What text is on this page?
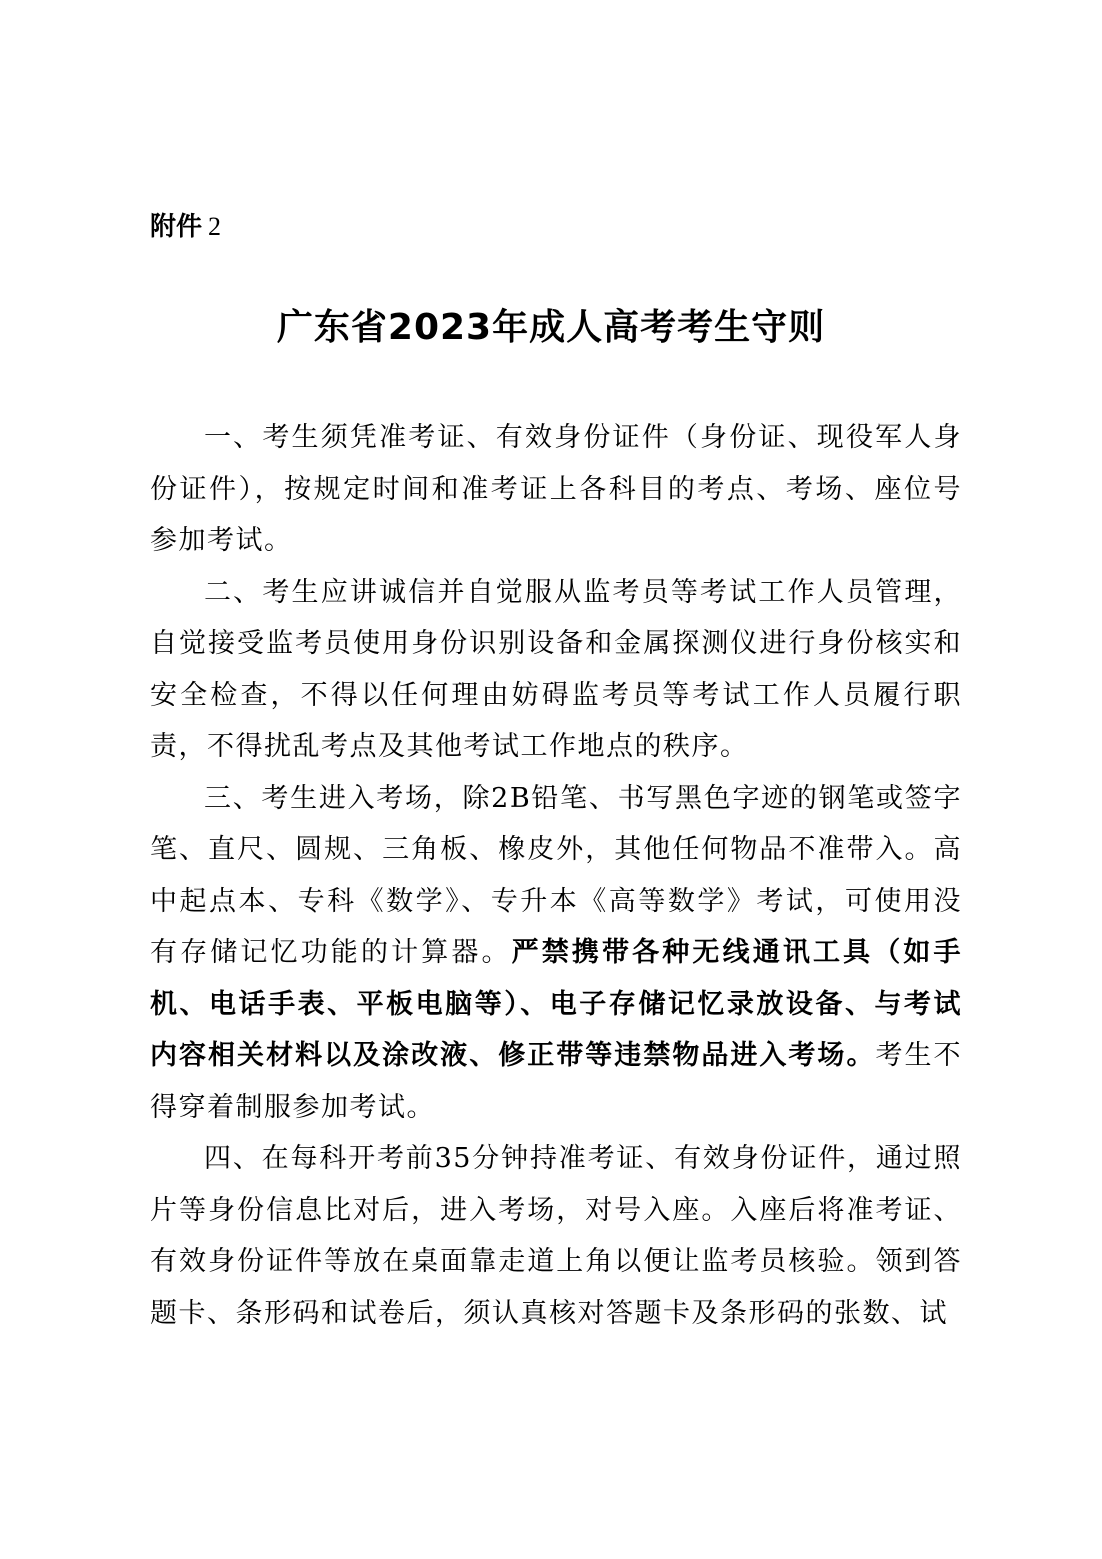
附件 2

广东省2023年成人高考考生守则

一、考生须凭准考证、有效身份证件（身份证、现役军人身份证件），按规定时间和准考证上各科目的考点、考场、座位号参加考试。

二、考生应讲诚信并自觉服从监考员等考试工作人员管理，自觉接受监考员使用身份识别设备和金属探测仪进行身份核实和安全检查，不得以任何理由妨碍监考员等考试工作人员履行职责，不得扰乱考点及其他考试工作地点的秩序。

三、考生进入考场，除2B铅笔、书写黑色字迹的钢笔或签字笔、直尺、圆规、三角板、橡皮外，其他任何物品不准带入。高中起点本、专科《数学》、专升本《高等数学》考试，可使用没有存储记忆功能的计算器。严禁携带各种无线通讯工具（如手机、电话手表、平板电脑等）、电子存储记忆录放设备、与考试内容相关材料以及涂改液、修正带等违禁物品进入考场。考生不得穿着制服参加考试。

四、在每科开考前35分钟持准考证、有效身份证件，通过照片等身份信息比对后，进入考场，对号入座。入座后将准考证、有效身份证件等放在桌面靠走道上角以便让监考员核验。领到答题卡、条形码和试卷后，须认真核对答题卡及条形码的张数、试
